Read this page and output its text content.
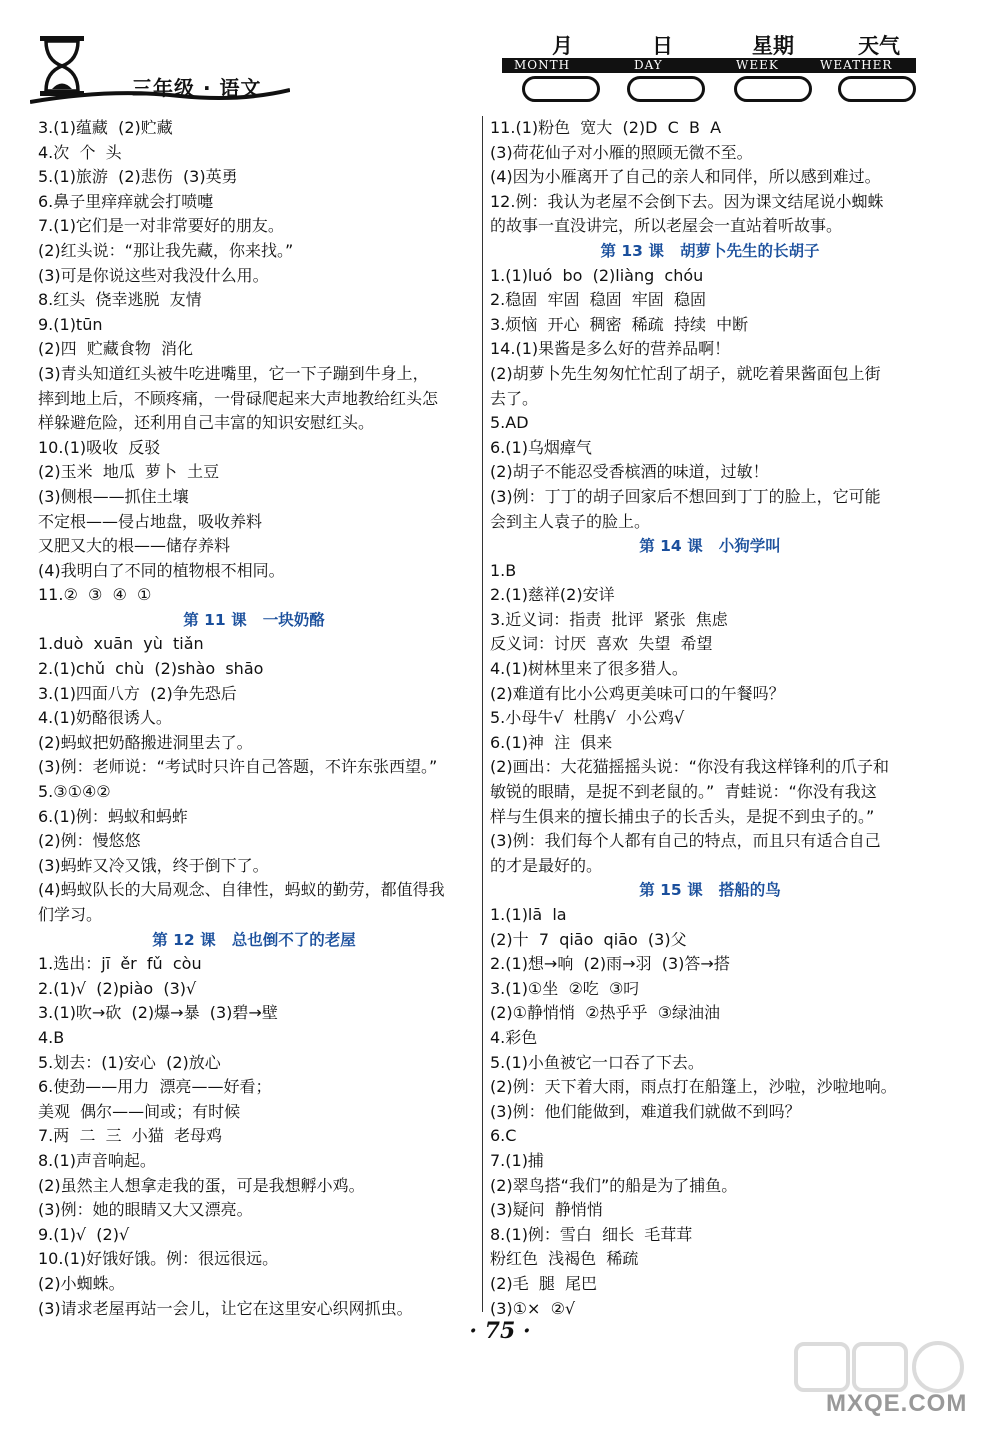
三年级 · 语文
月	日	星期	天气
MONTH	DAY	WEEK	WEATHER
3.(1)蕴藏  (2)贮藏
4.次  个  头
5.(1)旅游  (2)悲伤  (3)英勇
6.鼻子里痒痒就会打喷嚏
7.(1)它们是一对非常要好的朋友。
(2)红头说：“那让我先藏，你来找。”
(3)可是你说这些对我没什么用。
8.红头  侥幸逃脱  友情
9.(1)tūn
(2)四  贮藏食物  消化
(3)青头知道红头被牛吃进嘴里，它一下子蹦到牛身上，
摔到地上后，不顾疼痛，一骨碌爬起来大声地教给红头怎
样躲避危险，还利用自己丰富的知识安慰红头。
10.(1)吸收  反驳
(2)玉米  地瓜  萝卜  土豆
(3)侧根——抓住土壤
不定根——侵占地盘，吸收养料
又肥又大的根——储存养料
(4)我明白了不同的植物根不相同。
11.②  ③  ④  ①
第 11 课   一块奶酪
1.duò  xuān  yù  tiǎn
2.(1)chǔ  chù  (2)shào  shāo
3.(1)四面八方  (2)争先恐后
4.(1)奶酪很诱人。
(2)蚂蚁把奶酪搬进洞里去了。
(3)例：老师说：“考试时只许自己答题，不许东张西望。”
5.③①④②
6.(1)例：蚂蚁和蚂蚱
(2)例：慢悠悠
(3)蚂蚱又冷又饿，终于倒下了。
(4)蚂蚁队长的大局观念、自律性，蚂蚁的勤劳，都值得我
们学习。
第 12 课   总也倒不了的老屋
1.选出：jī  ěr  fǔ  còu
2.(1)√  (2)piào  (3)√
3.(1)吹→砍  (2)爆→暴  (3)碧→壁
4.B
5.划去：(1)安心  (2)放心
6.使劲——用力  漂亮——好看；
美观  偶尔——间或；有时候
7.两  二  三  小猫  老母鸡
8.(1)声音响起。
(2)虽然主人想拿走我的蛋，可是我想孵小鸡。
(3)例：她的眼睛又大又漂亮。
9.(1)√  (2)√
10.(1)好饿好饿。例：很远很远。
(2)小蜘蛛。
(3)请求老屋再站一会儿，让它在这里安心织网抓虫。
11.(1)粉色  宽大  (2)D  C  B  A
(3)荷花仙子对小雁的照顾无微不至。
(4)因为小雁离开了自己的亲人和同伴，所以感到难过。
12.例：我认为老屋不会倒下去。因为课文结尾说小蜘蛛
的故事一直没讲完，所以老屋会一直站着听故事。
第 13 课   胡萝卜先生的长胡子
1.(1)luó  bo  (2)liàng  chóu
2.稳固  牢固  稳固  牢固  稳固
3.烦恼  开心  稠密  稀疏  持续  中断
14.(1)果酱是多么好的营养品啊！
(2)胡萝卜先生匆匆忙忙刮了胡子，就吃着果酱面包上街
去了。
5.AD
6.(1)乌烟瘴气
(2)胡子不能忍受香槟酒的味道，过敏！
(3)例：丁丁的胡子回家后不想回到丁丁的脸上，它可能
会到主人袁子的脸上。
第 14 课   小狗学叫
1.B
2.(1)慈祥(2)安详
3.近义词：指责  批评  紧张  焦虑
反义词：讨厌  喜欢  失望  希望
4.(1)树林里来了很多猎人。
(2)难道有比小公鸡更美味可口的午餐吗？
5.小母牛√  杜鹃√  小公鸡√
6.(1)神  注  俱来
(2)画出：大花猫摇摇头说：“你没有我这样锋利的爪子和
敏锐的眼睛，是捉不到老鼠的。”  青蛙说：“你没有我这
样与生俱来的擅长捕虫子的长舌头，是捉不到虫子的。”
(3)例：我们每个人都有自己的特点，而且只有适合自己
的才是最好的。
第 15 课   搭船的鸟
1.(1)lā  la
(2)十  7  qiāo  qiāo  (3)父
2.(1)想→响  (2)雨→羽  (3)答→搭
3.(1)①坐  ②吃  ③叼
(2)①静悄悄  ②热乎乎  ③绿油油
4.彩色
5.(1)小鱼被它一口吞了下去。
(2)例：天下着大雨，雨点打在船篷上，沙啦，沙啦地响。
(3)例：他们能做到，难道我们就做不到吗？
6.C
7.(1)捕
(2)翠鸟搭“我们”的船是为了捕鱼。
(3)疑问  静悄悄
8.(1)例：雪白  细长  毛茸茸
粉红色  浅褐色  稀疏
(2)毛  腿  尾巴
(3)①×  ②√
· 75 ·
MXQE.COM
